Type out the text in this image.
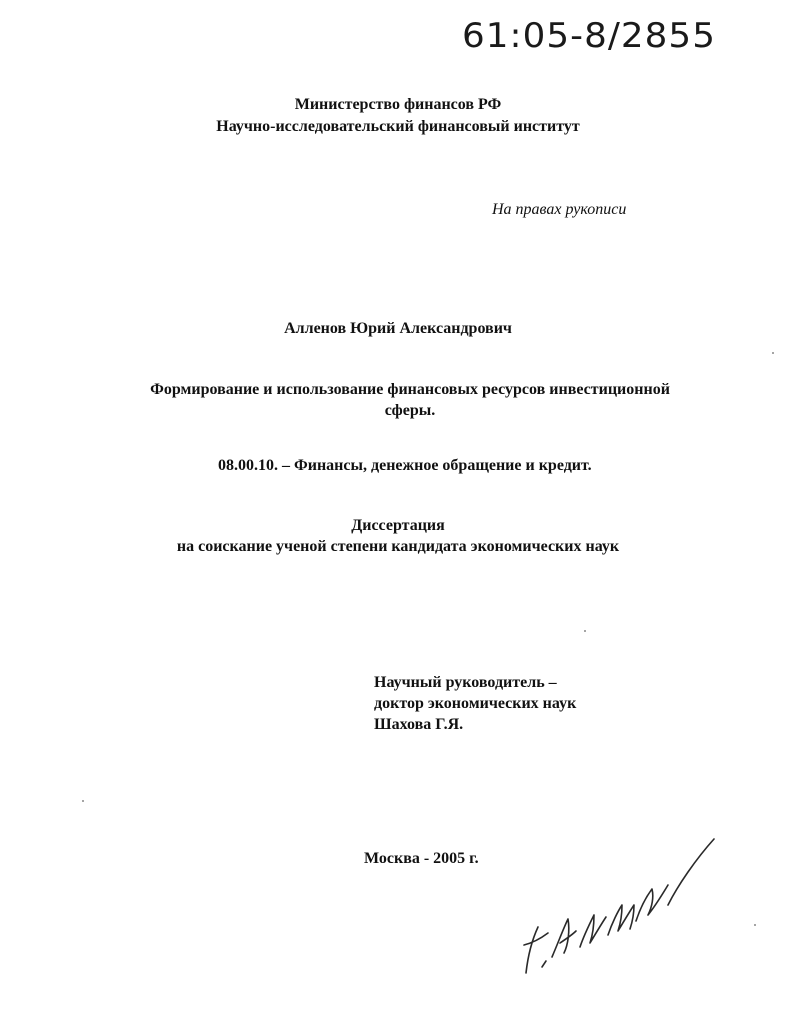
61:05-8/2855
Министерство финансов РФ
Научно-исследовательский финансовый институт
На правах рукописи
Алленов Юрий Александрович
Формирование и использование финансовых ресурсов инвестиционной
сферы.
08.00.10. – Финансы, денежное обращение и кредит.
Диссертация
на соискание ученой степени кандидата экономических наук
Научный руководитель –
доктор экономических наук
Шахова Г.Я.
Москва - 2005 г.
